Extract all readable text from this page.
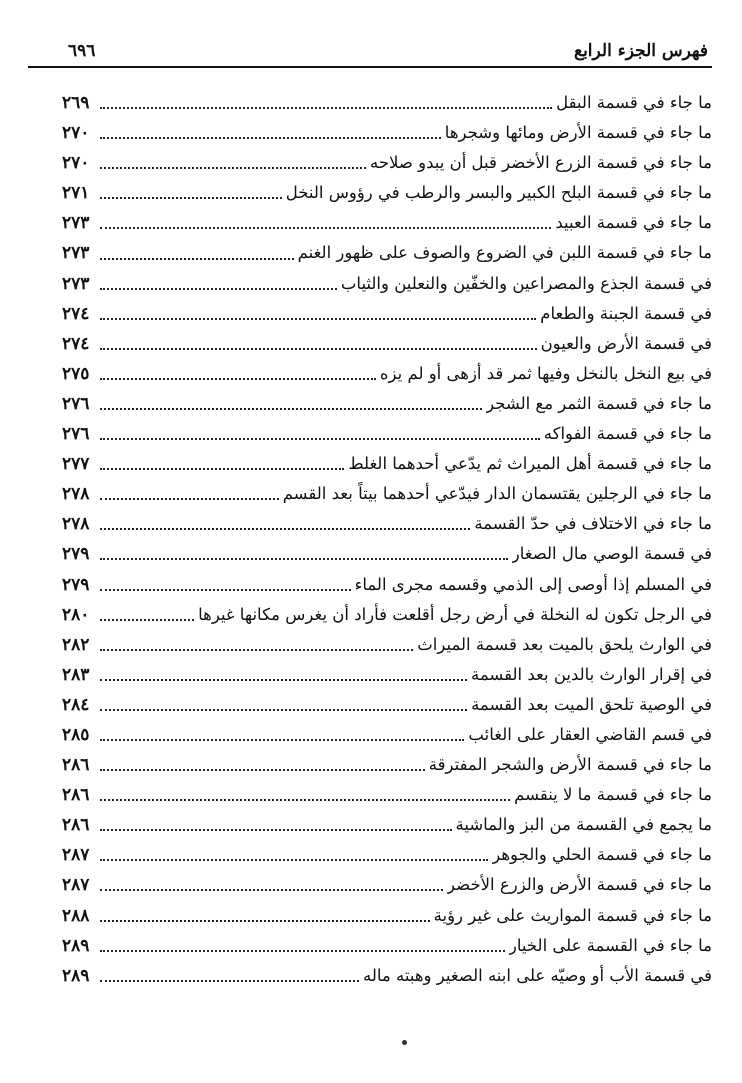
فهرس الجزء الرابع
٦٩٦
ما جاء في قسمة البقل
٢٦٩
ما جاء في قسمة الأرض ومائها وشجرها
٢٧٠
ما جاء في قسمة الزرع الأخضر قبل أن يبدو صلاحه
٢٧٠
ما جاء في قسمة البلح الكبير والبسر والرطب في رؤوس النخل
٢٧١
ما جاء في قسمة العبيد
٢٧٣
ما جاء في قسمة اللبن في الضروع والصوف على ظهور الغنم
٢٧٣
في قسمة الجذع والمصراعين والخفّين والنعلين والثياب
٢٧٣
في قسمة الجبنة والطعام
٢٧٤
في قسمة الأرض والعيون
٢٧٤
في بيع النخل بالنخل وفيها ثمر قد أزهى أو لم يزه
٢٧٥
ما جاء في قسمة الثمر مع الشجر
٢٧٦
ما جاء في قسمة الفواكه
٢٧٦
ما جاء في قسمة أهل الميراث ثم يدّعي أحدهما الغلط
٢٧٧
ما جاء في الرجلين يقتسمان الدار فيدّعي أحدهما بيتاً بعد القسم
٢٧٨
ما جاء في الاختلاف في حدّ القسمة
٢٧٨
في قسمة الوصي مال الصغار
٢٧٩
في المسلم إذا أوصى إلى الذمي وقسمه مجرى الماء
٢٧٩
في الرجل تكون له النخلة في أرض رجل أقلعت فأراد أن يغرس مكانها غيرها
٢٨٠
في الوارث يلحق بالميت بعد قسمة الميراث
٢٨٢
في إقرار الوارث بالدين بعد القسمة
٢٨٣
في الوصية تلحق الميت بعد القسمة
٢٨٤
في قسم القاضي العقار على الغائب
٢٨٥
ما جاء في قسمة الأرض والشجر المفترقة
٢٨٦
ما جاء في قسمة ما لا ينقسم
٢٨٦
ما يجمع في القسمة من البز والماشية
٢٨٦
ما جاء في قسمة الحلي والجوهر
٢٨٧
ما جاء في قسمة الأرض والزرع الأخضر
٢٨٧
ما جاء في قسمة المواريث على غير رؤية
٢٨٨
ما جاء في القسمة على الخيار
٢٨٩
في قسمة الأب أو وصيّه على ابنه الصغير وهبته ماله
٢٨٩
